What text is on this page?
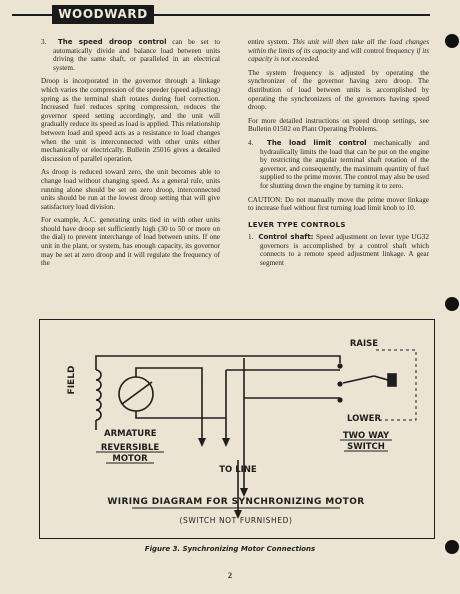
WOODWARD

3. The speed droop control can be set to automatically divide and balance load between units driving the same shaft, or paralleled in an electrical system.

Droop is incorporated in the governor through a linkage which varies the compression of the speeder (speed adjusting) spring as the terminal shaft rotates during fuel correction. Increased fuel reduces spring compression, reduces the governor speed setting accordingly, and the unit will gradually reduce its speed as load is applied. This relationship between load and speed acts as a resistance to load changes when the unit is interconnected with other units either mechanically or electrically. Bulletin 25016 gives a detailed discussion of parallel operation.

As droop is reduced toward zero, the unit becomes able to change load without changing speed. As a general rule, units running alone should be set on zero droop, interconnected units should be run at the lowest droop setting that will give satisfactory load division.

For example, A.C. generating units tied in with other units should have droop set sufficiently high (30 to 50 or more on the dial) to prevent interchange of load between units. If one unit in the plant, or system, has enough capacity, its governor may be set at zero droop and it will regulate the frequency of the

entire system. This unit will then take all the load changes within the limits of its capacity and will control frequency if its capacity is not exceeded.

The system frequency is adjusted by operating the synchronizer of the governor having zero droop. The distribution of load between units is accomplished by operating the synchronizers of the governors having speed droop.

For more detailed instructions on speed droop settings, see Bulletin 01502 on Plant Operating Problems.

4. The load limit control mechanically and hydraulically limits the load that can be put on the engine by restricting the angular terminal shaft rotation of the governor, and consequently, the maximum quantity of fuel supplied to the prime mover. The control may also be used for shutting down the engine by turning it to zero.

CAUTION: Do not manually move the prime mover linkage to increase fuel without first turning load limit knob to 10.

LEVER TYPE CONTROLS

1. Control shaft: Speed adjustment on lever type UG32 governors is accomplished by a control shaft which connects to a remote speed adjustment linkage. A gear segment

FIELD
ARMATURE
REVERSIBLE
MOTOR
RAISE
LOWER
TWO WAY
SWITCH
TO LINE
WIRING DIAGRAM FOR SYNCHRONIZING MOTOR
(SWITCH NOT FURNISHED)
Figure 3. Synchronizing Motor Connections
2
